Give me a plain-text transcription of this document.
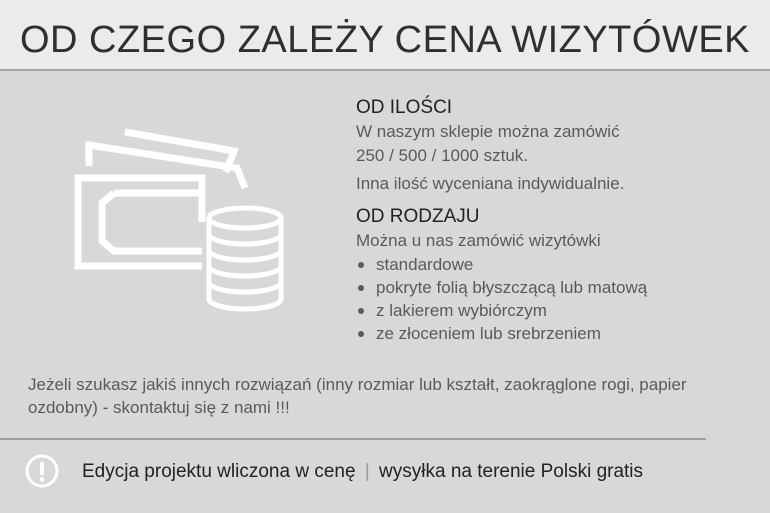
OD CZEGO ZALEŻY CENA WIZYTÓWEK
OD ILOŚCI
W naszym sklepie można zamówić
250 / 500 / 1000 sztuk.
Inna ilość wyceniana indywidualnie.
OD RODZAJU
Można u nas zamówić wizytówki
standardowe
pokryte folią błyszczącą lub matową
z lakierem wybiórczym
ze złoceniem lub srebrzeniem
Jeżeli szukasz jakiś innych rozwiązań (inny rozmiar lub kształt, zaokrąglone rogi, papier ozdobny) - skontaktuj się z nami !!!
Edycja projektu wliczona w cenę | wysyłka na terenie Polski gratis
